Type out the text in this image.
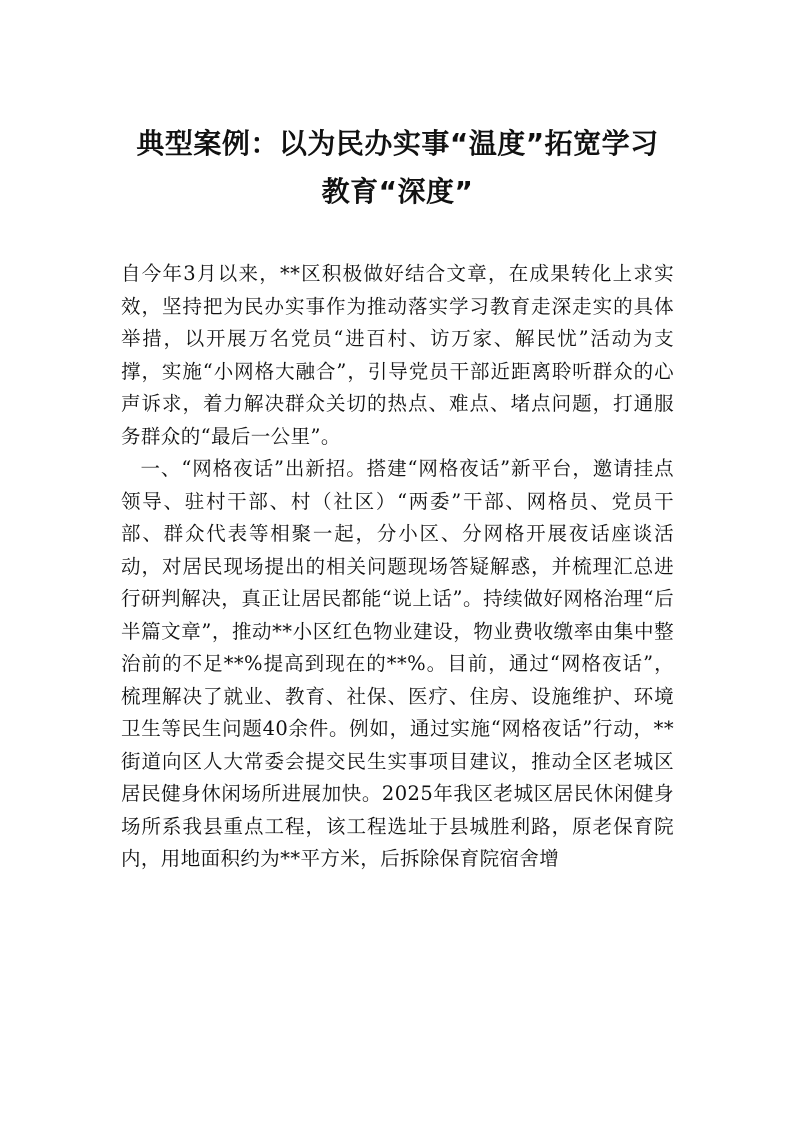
典型案例：以为民办实事“温度”拓宽学习
教育“深度”

自今年3月以来，**区积极做好结合文章，在成果转化上求实效，坚持把为民办实事作为推动落实学习教育走深走实的具体举措，以开展万名党员“进百村、访万家、解民忧”活动为支撑，实施“小网格大融合”，引导党员干部近距离聆听群众的心声诉求，着力解决群众关切的热点、难点、堵点问题，打通服务群众的“最后一公里”。

一、“网格夜话”出新招。搭建“网格夜话”新平台，邀请挂点领导、驻村干部、村（社区）“两委”干部、网格员、党员干部、群众代表等相聚一起，分小区、分网格开展夜话座谈活动，对居民现场提出的相关问题现场答疑解惑，并梳理汇总进行研判解决，真正让居民都能“说上话”。持续做好网格治理“后半篇文章”，推动**小区红色物业建设，物业费收缴率由集中整治前的不足**%提高到现在的**%。目前，通过“网格夜话”，梳理解决了就业、教育、社保、医疗、住房、设施维护、环境卫生等民生问题40余件。例如，通过实施“网格夜话”行动，**街道向区人大常委会提交民生实事项目建议，推动全区老城区居民健身休闲场所进展加快。2025年我区老城区居民休闲健身场所系我县重点工程，该工程选址于县城胜利路，原老保育院内，用地面积约为**平方米，后拆除保育院宿舍增
